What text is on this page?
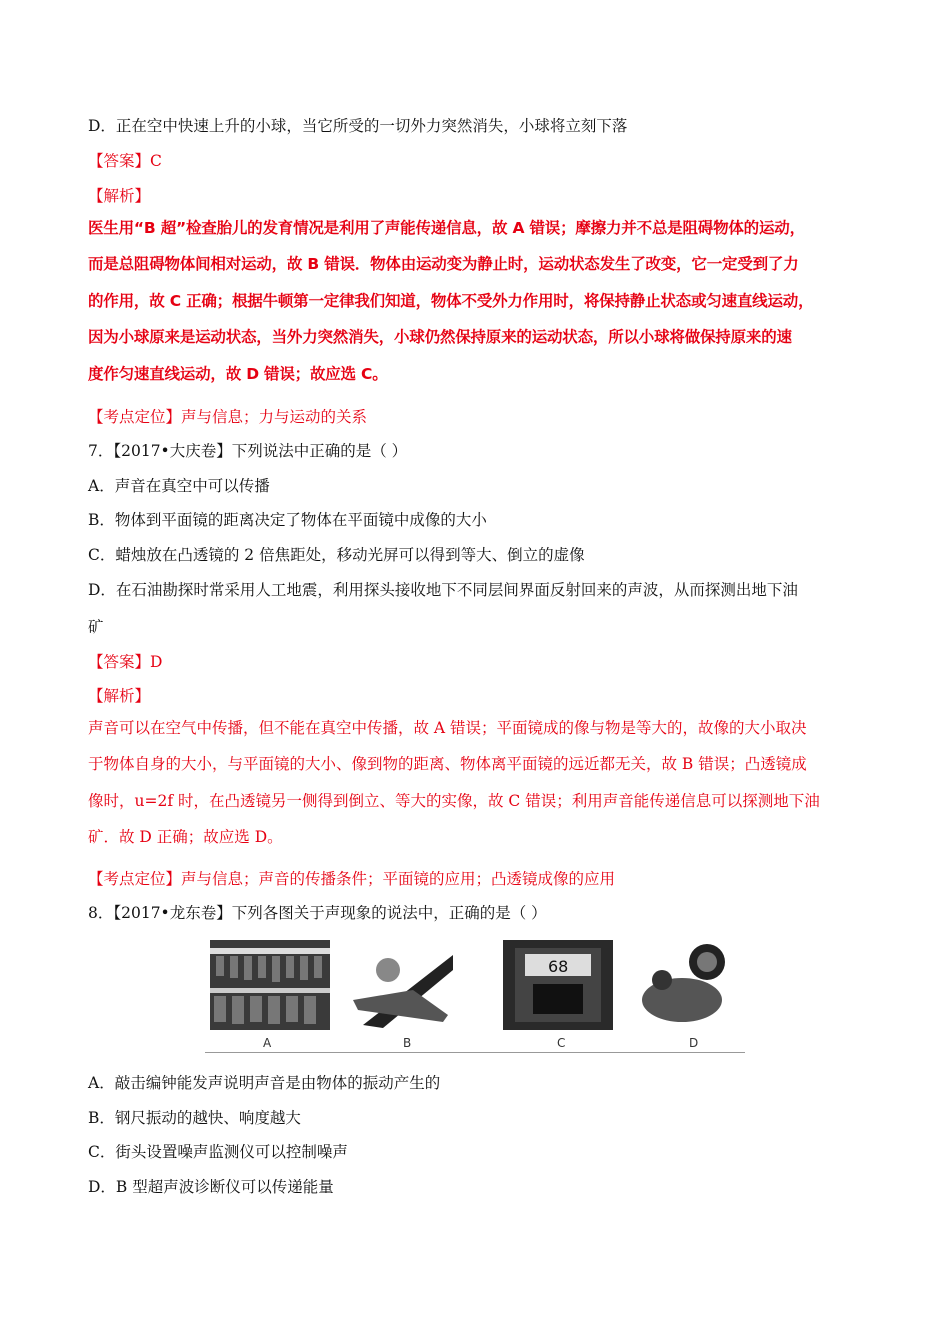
D．正在空中快速上升的小球，当它所受的一切外力突然消失，小球将立刻下落
【答案】C
【解析】
医生用“B 超”检查胎儿的发育情况是利用了声能传递信息，故 A 错误；摩擦力并不总是阻碍物体的运动，
而是总阻碍物体间相对运动，故 B 错误．物体由运动变为静止时，运动状态发生了改变，它一定受到了力
的作用，故 C 正确；根据牛顿第一定律我们知道，物体不受外力作用时，将保持静止状态或匀速直线运动，
因为小球原来是运动状态，当外力突然消失，小球仍然保持原来的运动状态，所以小球将做保持原来的速
度作匀速直线运动，故 D 错误；故应选 C。
【考点定位】声与信息；力与运动的关系
7．【2017•大庆卷】下列说法中正确的是（ ）
A．声音在真空中可以传播
B．物体到平面镜的距离决定了物体在平面镜中成像的大小
C．蜡烛放在凸透镜的 2 倍焦距处，移动光屏可以得到等大、倒立的虚像
D．在石油勘探时常采用人工地震，利用探头接收地下不同层间界面反射回来的声波，从而探测出地下油
矿
【答案】D
【解析】
声音可以在空气中传播，但不能在真空中传播，故 A 错误；平面镜成的像与物是等大的，故像的大小取决
于物体自身的大小，与平面镜的大小、像到物的距离、物体离平面镜的远近都无关，故 B 错误；凸透镜成
像时，u=2f 时，在凸透镜另一侧得到倒立、等大的实像，故 C 错误；利用声音能传递信息可以探测地下油
矿．故 D 正确；故应选 D。
【考点定位】声与信息；声音的传播条件；平面镜的应用；凸透镜成像的应用
8．【2017•龙东卷】下列各图关于声现象的说法中，正确的是（ ）
68
A	B	C	D
A．敲击编钟能发声说明声音是由物体的振动产生的
B．钢尺振动的越快、响度越大
C．街头设置噪声监测仪可以控制噪声
D．B 型超声波诊断仪可以传递能量
